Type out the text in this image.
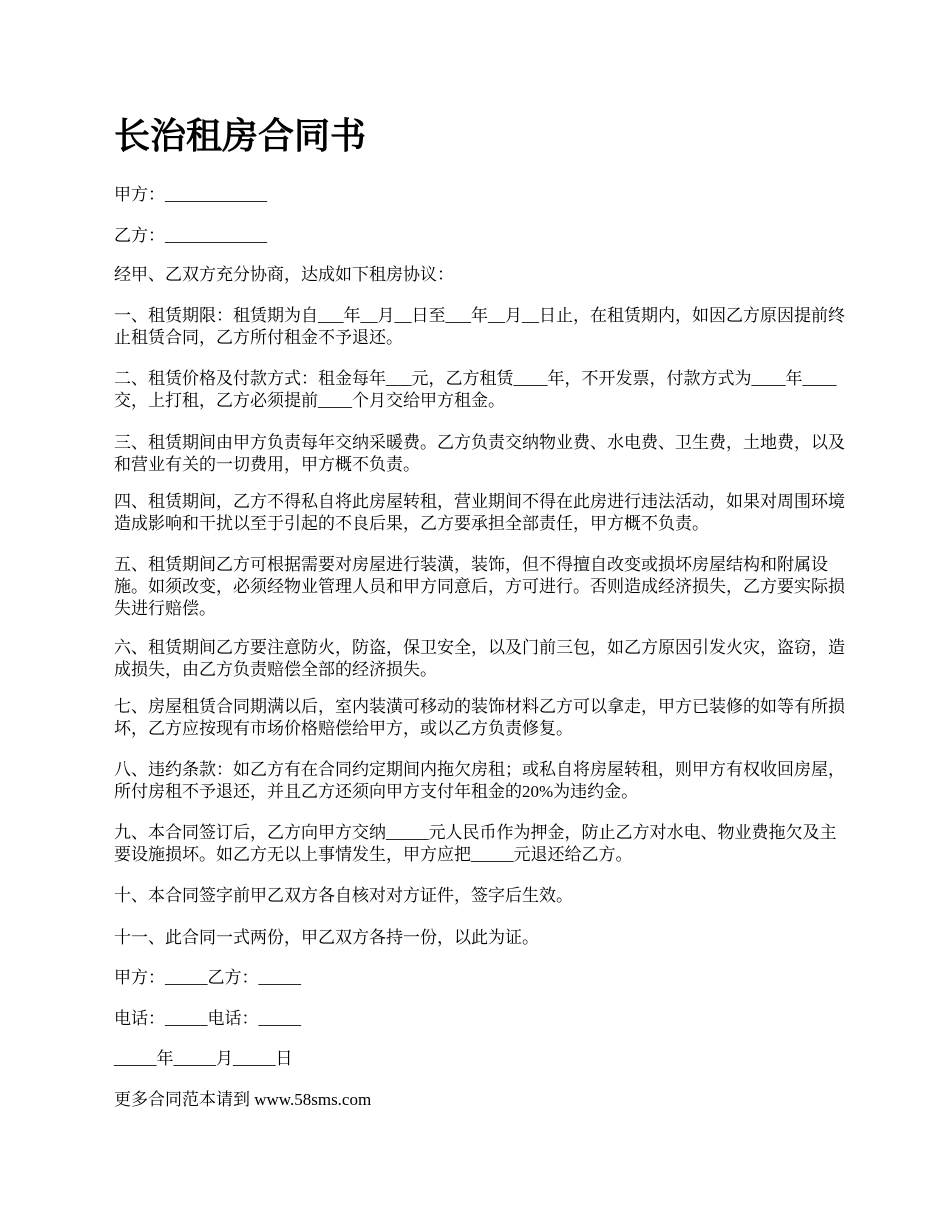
长治租房合同书

甲方：____________

乙方：____________

经甲、乙双方充分协商，达成如下租房协议：

一、租赁期限：租赁期为自___年__月__日至___年__月__日止，在租赁期内，如因乙方原因提前终止租赁合同，乙方所付租金不予退还。

二、租赁价格及付款方式：租金每年___元，乙方租赁____年，不开发票，付款方式为____年____交，上打租，乙方必须提前____个月交给甲方租金。

三、租赁期间由甲方负责每年交纳采暖费。乙方负责交纳物业费、水电费、卫生费，土地费，以及和营业有关的一切费用，甲方概不负责。

四、租赁期间，乙方不得私自将此房屋转租，营业期间不得在此房进行违法活动，如果对周围环境造成影响和干扰以至于引起的不良后果，乙方要承担全部责任，甲方概不负责。

五、租赁期间乙方可根据需要对房屋进行装潢，装饰，但不得擅自改变或损坏房屋结构和附属设施。如须改变，必须经物业管理人员和甲方同意后，方可进行。否则造成经济损失，乙方要实际损失进行赔偿。

六、租赁期间乙方要注意防火，防盗，保卫安全，以及门前三包，如乙方原因引发火灾，盗窃，造成损失，由乙方负责赔偿全部的经济损失。

七、房屋租赁合同期满以后，室内装潢可移动的装饰材料乙方可以拿走，甲方已装修的如等有所损坏，乙方应按现有市场价格赔偿给甲方，或以乙方负责修复。

八、违约条款：如乙方有在合同约定期间内拖欠房租；或私自将房屋转租，则甲方有权收回房屋，所付房租不予退还，并且乙方还须向甲方支付年租金的20%为违约金。

九、本合同签订后，乙方向甲方交纳_____元人民币作为押金，防止乙方对水电、物业费拖欠及主要设施损坏。如乙方无以上事情发生，甲方应把_____元退还给乙方。

十、本合同签字前甲乙双方各自核对对方证件，签字后生效。

十一、此合同一式两份，甲乙双方各持一份，以此为证。

甲方：_____乙方：_____

电话：_____电话：_____

_____年_____月_____日

更多合同范本请到 www.58sms.com
